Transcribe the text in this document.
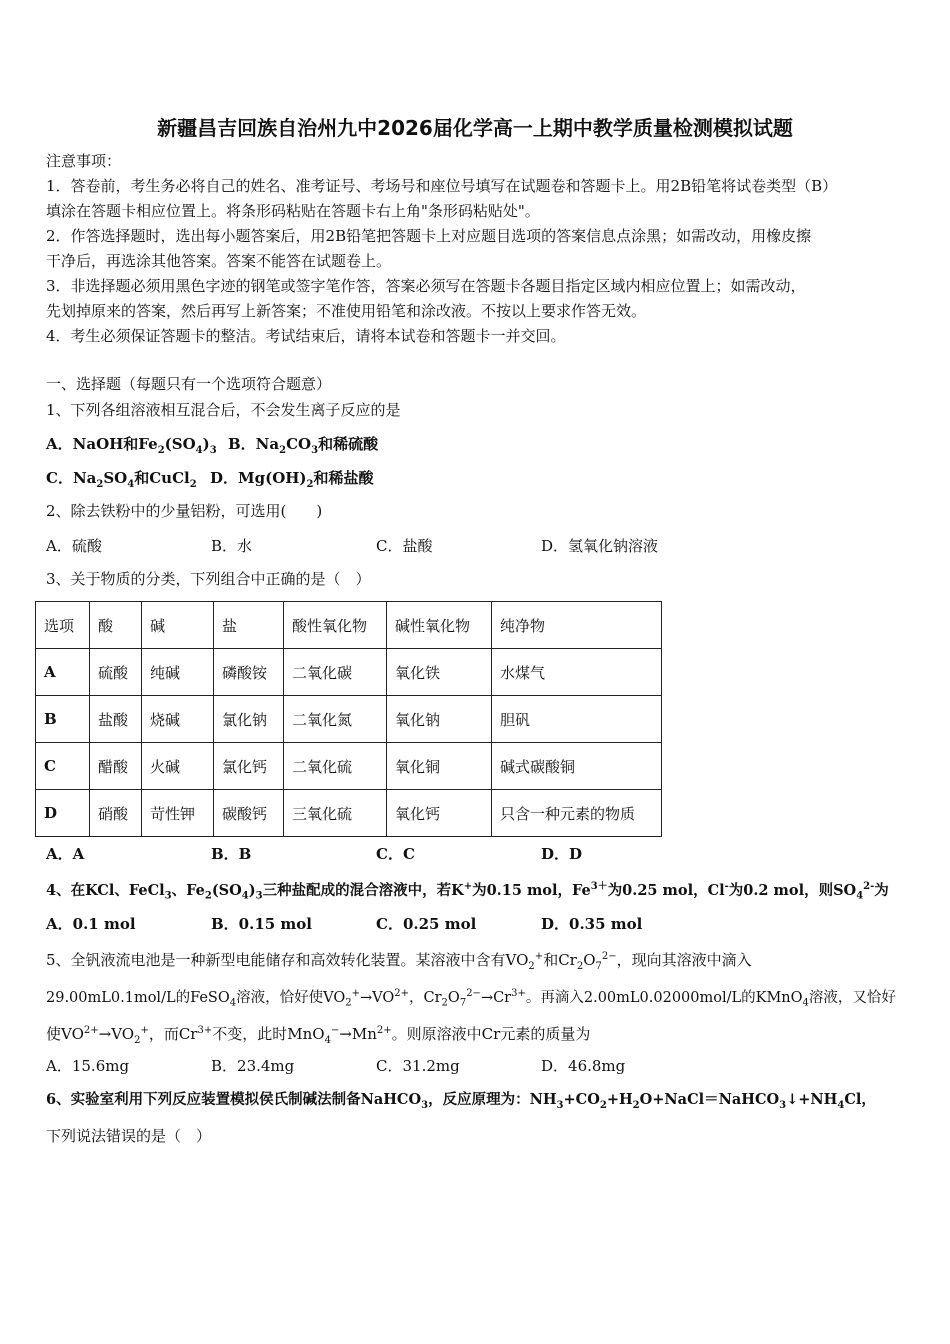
新疆昌吉回族自治州九中2026届化学高一上期中教学质量检测模拟试题
注意事项：
1．答卷前，考生务必将自己的姓名、准考证号、考场号和座位号填写在试题卷和答题卡上。用2B铅笔将试卷类型（B）
填涂在答题卡相应位置上。将条形码粘贴在答题卡右上角"条形码粘贴处"。
2．作答选择题时，选出每小题答案后，用2B铅笔把答题卡上对应题目选项的答案信息点涂黑；如需改动，用橡皮擦
干净后，再选涂其他答案。答案不能答在试题卷上。
3．非选择题必须用黑色字迹的钢笔或签字笔作答，答案必须写在答题卡各题目指定区域内相应位置上；如需改动，
先划掉原来的答案，然后再写上新答案；不准使用铅笔和涂改液。不按以上要求作答无效。
4．考生必须保证答题卡的整洁。考试结束后，请将本试卷和答题卡一并交回。
一、选择题（每题只有一个选项符合题意）
1、下列各组溶液相互混合后，不会发生离子反应的是
A．NaOH和$Fe_2(SO_4)_3$ B．$Na_2CO_3$和稀硫酸
C．$Na_2SO_4$和CuCl$_2$ D．$Mg(OH)_2$和稀盐酸
2、除去铁粉中的少量铝粉，可选用(　　)
A．硫酸	B．水	C．盐酸	D．氢氧化钠溶液
3、关于物质的分类，下列组合中正确的是（　）
选项	酸	碱	盐	酸性氧化物	碱性氧化物	纯净物
A	硫酸	纯碱	磷酸铵	二氧化碳	氧化铁	水煤气
B	盐酸	烧碱	氯化钠	二氧化氮	氧化钠	胆矾
C	醋酸	火碱	氯化钙	二氧化硫	氧化铜	碱式碳酸铜
D	硝酸	苛性钾	碳酸钙	三氧化硫	氧化钙	只含一种元素的物质
A．A	B．B	C．C	D．D
4、在KCl、FeCl$_3$、$Fe_2(SO_4)_3$三种盐配成的混合溶液中，若K+为0.15 mol，$Fe^{3+}$为0.25 mol，Cl-为0.2 mol，则$SO_4^{2-}$为
A．0.1 mol	B．0.15 mol	C．0.25 mol	D．0.35 mol
5、全钒液流电池是一种新型电能储存和高效转化装置。某溶液中含有$VO_2^+$和$Cr_2O_7^{2-}$，现向其溶液中滴入
29.00mL0.1mol/L的FeSO$_4$溶液，恰好使$VO_2^+\to VO^{2+}$，$Cr_2O_7^{2-}\to Cr^{3+}$。再滴入2.00mL0.02000mol/L的KMnO$_4$溶液，又恰好
使$VO^{2+}\to VO_2^+$，而$Cr^{3+}$不变，此时$MnO_4^-\to Mn^{2+}$。则原溶液中Cr元素的质量为
A．15.6mg	B．23.4mg	C．31.2mg	D．46.8mg
6、实验室利用下列反应装置模拟侯氏制碱法制备NaHCO$_3$，反应原理为：$NH_3+CO_2+H_2O+NaCl=NaHCO_3↓+NH_4Cl$，
下列说法错误的是（　）
